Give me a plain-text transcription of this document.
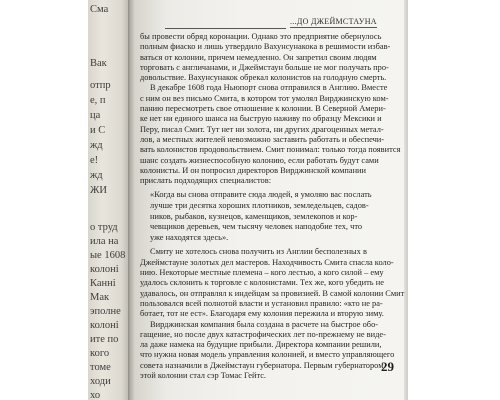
Сма
Вак
отпр
е, п
ца
и С
жд
е!
жд
ЖИ
о труд
ила на
ые 1608
колоні
Канні
Мак
эполне
колоні
ите по
кого
томе
ходи
хо
...ДО ДЖЕЙМСТАУНА
бы провести обряд коронации. Однако это предприятие обернулось
полным фиаско и лишь утвердило Вахунсунакока в решимости избав-
ваться от колонии, причем немедленно. Он запретил своим людям
торговать с англичанами, и Джеймстаун больше не мог получать про-
довольствие. Вахунсунакок обрекал колонистов на голодную смерть.
В декабре 1608 года Ньюпорт снова отправился в Англию. Вместе
с ним он вез письмо Смита, в котором тот умолял Вирджинскую ком-
панию пересмотреть свое отношение к колонии. В Северной Амери-
ке нет ни единого шанса на быструю наживу по образцу Мексики и
Перу, писал Смит. Тут нет ни золота, ни других драгоценных метал-
лов, а местных жителей невозможно заставить работать и обеспечи-
вать колонистов продовольствием. Смит понимал: только тогда появится
шанс создать жизнеспособную колонию, если работать будут сами
колонисты. И он попросил директоров Вирджинской компании
прислать подходящих специалистов:
«Когда вы снова отправите сюда людей, я умоляю вас послать
лучше три десятка хороших плотников, земледельцев, садов-
ников, рыбаков, кузнецов, каменщиков, землекопов и кор-
чевщиков деревьев, чем тысячу человек наподобие тех, что
уже находятся здесь».
Смиту не хотелось снова получить из Англии бесполезных в
Джеймстауне золотых дел мастеров. Находчивость Смита спасла коло-
нию. Некоторые местные племена – кого лестью, а кого силой – ему
удалось склонить к торговле с колонистами. Тех же, кого убедить не
удавалось, он отправлял к индейцам за провизией. В самой колонии Смит
пользовался всей полнотой власти и установил правило: «кто не ра-
ботает, тот не ест». Благодаря ему колония пережила и вторую зиму.
Вирджинская компания была создана в расчете на быстрое обо-
гащение, но после двух катастрофических лет по-прежнему не виде-
ла даже намека на будущие прибыли. Директора компании решили,
что нужна новая модель управления колонией, и вместо управляющего
совета назначили в Джеймстаун губернатора. Первым губернатором
этой колонии стал сэр Томас Гейтс.
29
